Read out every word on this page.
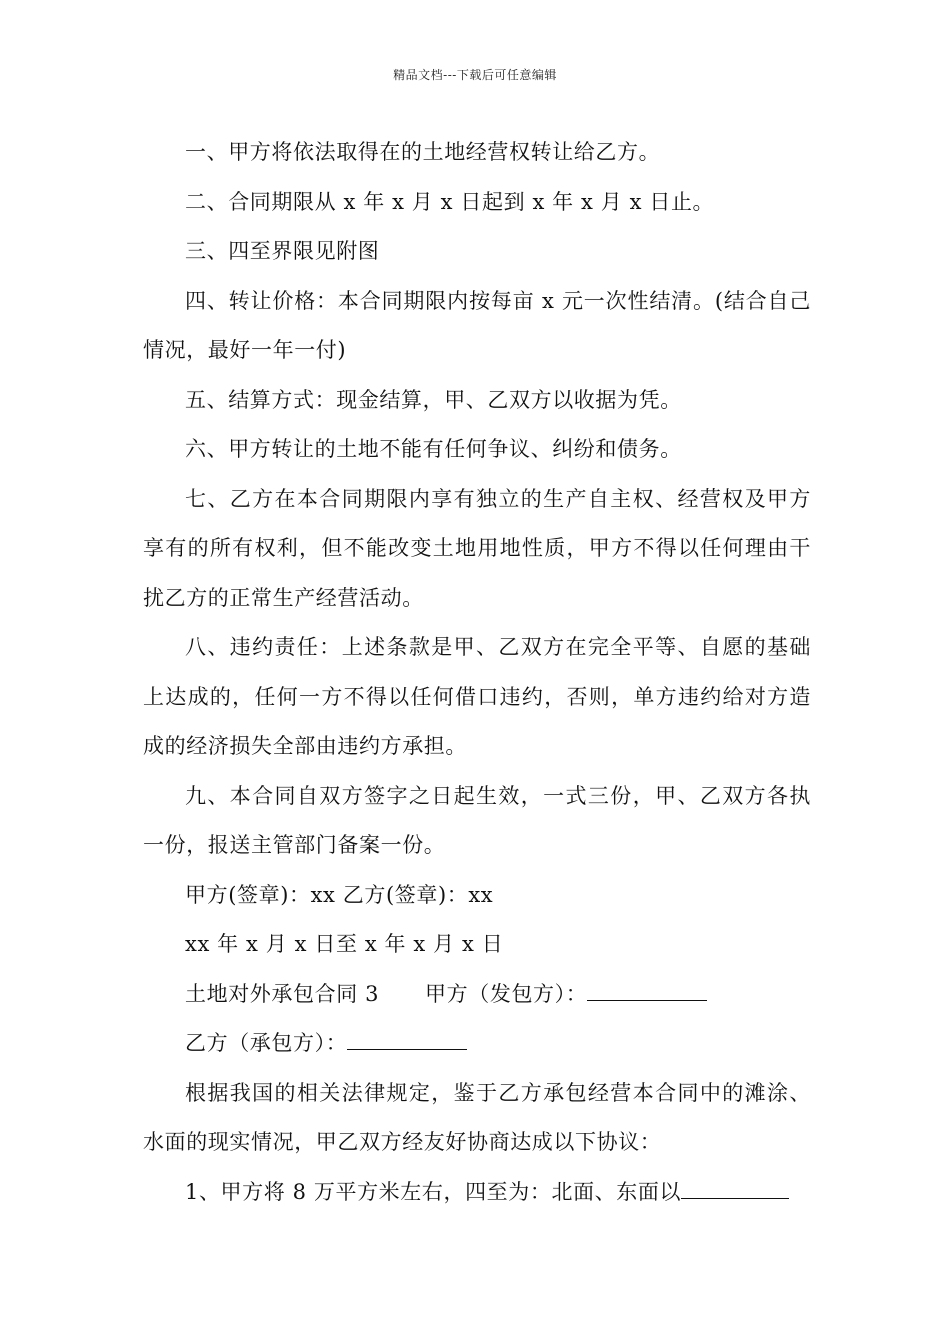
精品文档---下载后可任意编辑

一、甲方将依法取得在的土地经营权转让给乙方。

二、合同期限从 x 年 x 月 x 日起到 x 年 x 月 x 日止。

三、四至界限见附图

四、转让价格：本合同期限内按每亩 x 元一次性结清。(结合自己情况，最好一年一付)

五、结算方式：现金结算，甲、乙双方以收据为凭。

六、甲方转让的土地不能有任何争议、纠纷和债务。

七、乙方在本合同期限内享有独立的生产自主权、经营权及甲方享有的所有权利，但不能改变土地用地性质，甲方不得以任何理由干扰乙方的正常生产经营活动。

八、违约责任：上述条款是甲、乙双方在完全平等、自愿的基础上达成的，任何一方不得以任何借口违约，否则，单方违约给对方造成的经济损失全部由违约方承担。

九、本合同自双方签字之日起生效，一式三份，甲、乙双方各执一份，报送主管部门备案一份。

甲方(签章)：xx 乙方(签章)：xx

xx 年 x 月 x 日至 x 年 x 月 x 日

土地对外承包合同 3 甲方（发包方）：

乙方（承包方）：

根据我国的相关法律规定，鉴于乙方承包经营本合同中的滩涂、水面的现实情况，甲乙双方经友好协商达成以下协议：

1、甲方将 8 万平方米左右，四至为：北面、东面以
